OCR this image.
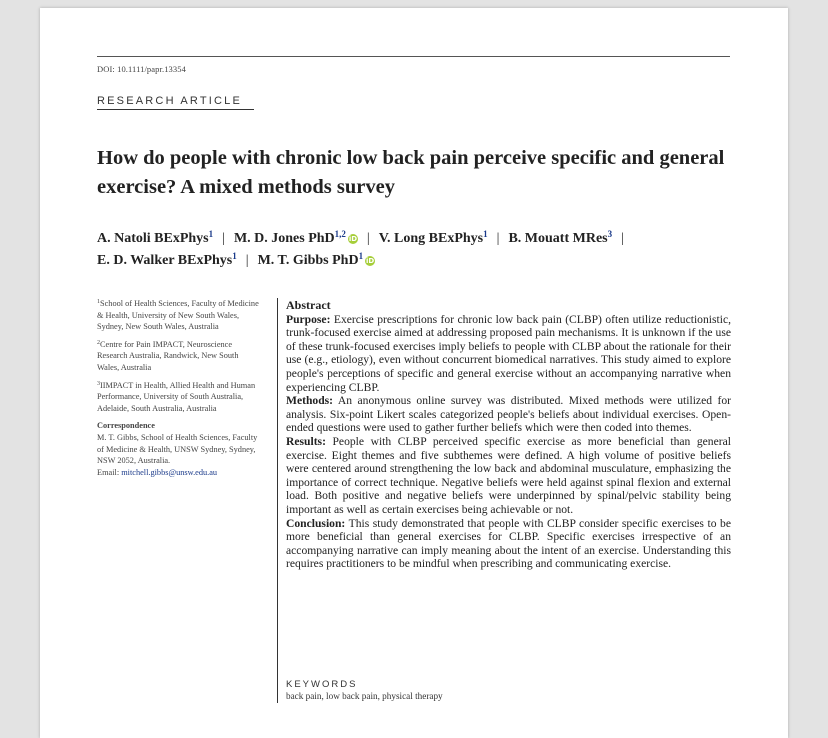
DOI: 10.1111/papr.13354
RESEARCH ARTICLE
How do people with chronic low back pain perceive specific and general exercise? A mixed methods survey
A. Natoli BExPhys$^1$ | M. D. Jones PhD$^{1,2}$ iD | V. Long BExPhys$^1$ | B. Mouatt MRes$^3$ |
E. D. Walker BExPhys$^1$ | M. T. Gibbs PhD$^1$ iD

$^1$School of Health Sciences, Faculty of Medicine & Health, University of New South Wales, Sydney, New South Wales, Australia

$^2$Centre for Pain IMPACT, Neuroscience Research Australia, Randwick, New South Wales, Australia

$^3$IIMPACT in Health, Allied Health and Human Performance, University of South Australia, Adelaide, South Australia, Australia

Correspondence
M. T. Gibbs, School of Health Sciences, Faculty of Medicine & Health, UNSW Sydney, Sydney, NSW 2052, Australia.
Email: mitchell.gibbs@unsw.edu.au
Abstract

Purpose: Exercise prescriptions for chronic low back pain (CLBP) often utilize reductionistic, trunk-focused exercise aimed at addressing proposed pain mechanisms. It is unknown if the use of these trunk-focused exercises imply beliefs to people with CLBP about the rationale for their use (e.g., etiology), even without concurrent biomedical narratives. This study aimed to explore people's perceptions of specific and general exercise without an accompanying narrative when experiencing CLBP.

Methods: An anonymous online survey was distributed. Mixed methods were utilized for analysis. Six-point Likert scales categorized people's beliefs about individual exercises. Open-ended questions were used to gather further beliefs which were then coded into themes.

Results: People with CLBP perceived specific exercise as more beneficial than general exercise. Eight themes and five subthemes were defined. A high volume of positive beliefs were centered around strengthening the low back and abdominal musculature, emphasizing the importance of correct technique. Negative beliefs were held against spinal flexion and external load. Both positive and negative beliefs were underpinned by spinal/pelvic stability being important as well as certain exercises being achievable or not.

Conclusion: This study demonstrated that people with CLBP consider specific exercises to be more beneficial than general exercises for CLBP. Specific exercises irrespective of an accompanying narrative can imply meaning about the intent of an exercise. Understanding this requires practitioners to be mindful when prescribing and communicating exercise.

KEYWORDS
back pain, low back pain, physical therapy
